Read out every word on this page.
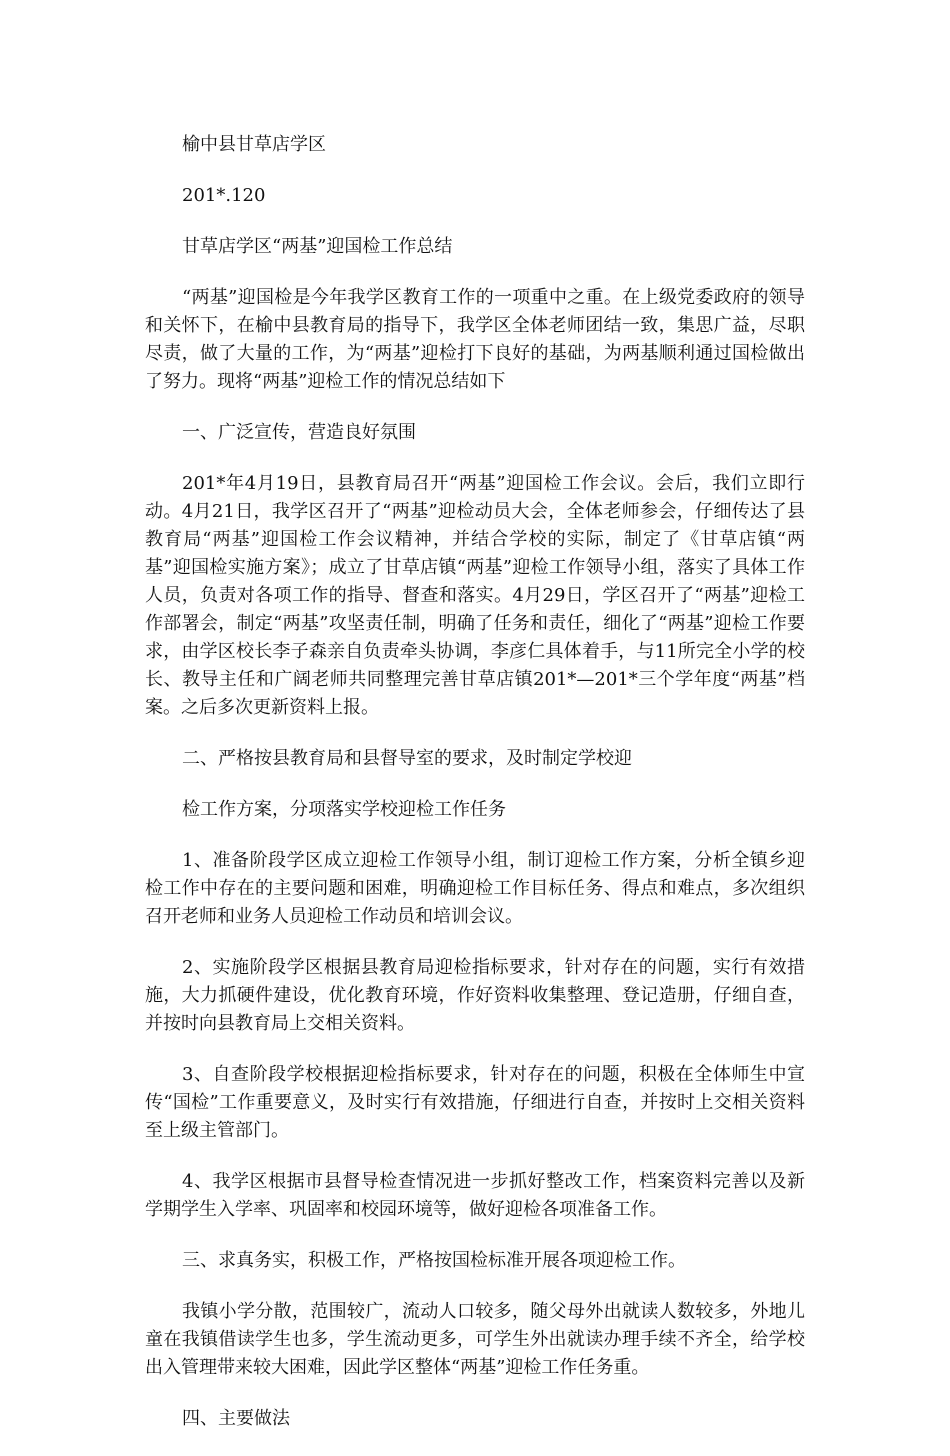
榆中县甘草店学区

201*.120

甘草店学区“两基”迎国检工作总结

“两基”迎国检是今年我学区教育工作的一项重中之重。在上级党委政府的领导和关怀下，在榆中县教育局的指导下，我学区全体老师团结一致，集思广益，尽职尽责，做了大量的工作，为“两基”迎检打下良好的基础，为两基顺利通过国检做出了努力。现将“两基”迎检工作的情况总结如下

一、广泛宣传，营造良好氛围

201*年4月19日，县教育局召开“两基”迎国检工作会议。会后，我们立即行动。4月21日，我学区召开了“两基”迎检动员大会，全体老师参会，仔细传达了县教育局“两基”迎国检工作会议精神，并结合学校的实际，制定了《甘草店镇“两基”迎国检实施方案》；成立了甘草店镇“两基”迎检工作领导小组，落实了具体工作人员，负责对各项工作的指导、督查和落实。4月29日，学区召开了“两基”迎检工作部署会，制定“两基”攻坚责任制，明确了任务和责任，细化了“两基”迎检工作要求，由学区校长李子森亲自负责牵头协调，李彦仁具体着手，与11所完全小学的校长、教导主任和广阔老师共同整理完善甘草店镇201*—201*三个学年度“两基”档案。之后多次更新资料上报。

二、严格按县教育局和县督导室的要求，及时制定学校迎

检工作方案，分项落实学校迎检工作任务

1、准备阶段学区成立迎检工作领导小组，制订迎检工作方案，分析全镇乡迎检工作中存在的主要问题和困难，明确迎检工作目标任务、得点和难点，多次组织召开老师和业务人员迎检工作动员和培训会议。

2、实施阶段学区根据县教育局迎检指标要求，针对存在的问题，实行有效措施，大力抓硬件建设，优化教育环境，作好资料收集整理、登记造册，仔细自查，并按时向县教育局上交相关资料。

3、自查阶段学校根据迎检指标要求，针对存在的问题，积极在全体师生中宣传“国检”工作重要意义，及时实行有效措施，仔细进行自查，并按时上交相关资料至上级主管部门。

4、我学区根据市县督导检查情况进一步抓好整改工作，档案资料完善以及新学期学生入学率、巩固率和校园环境等，做好迎检各项准备工作。

三、求真务实，积极工作，严格按国检标准开展各项迎检工作。

我镇小学分散，范围较广，流动人口较多，随父母外出就读人数较多，外地儿童在我镇借读学生也多，学生流动更多，可学生外出就读办理手续不齐全，给学校出入管理带来较大困难，因此学区整体“两基”迎检工作任务重。

四、主要做法
